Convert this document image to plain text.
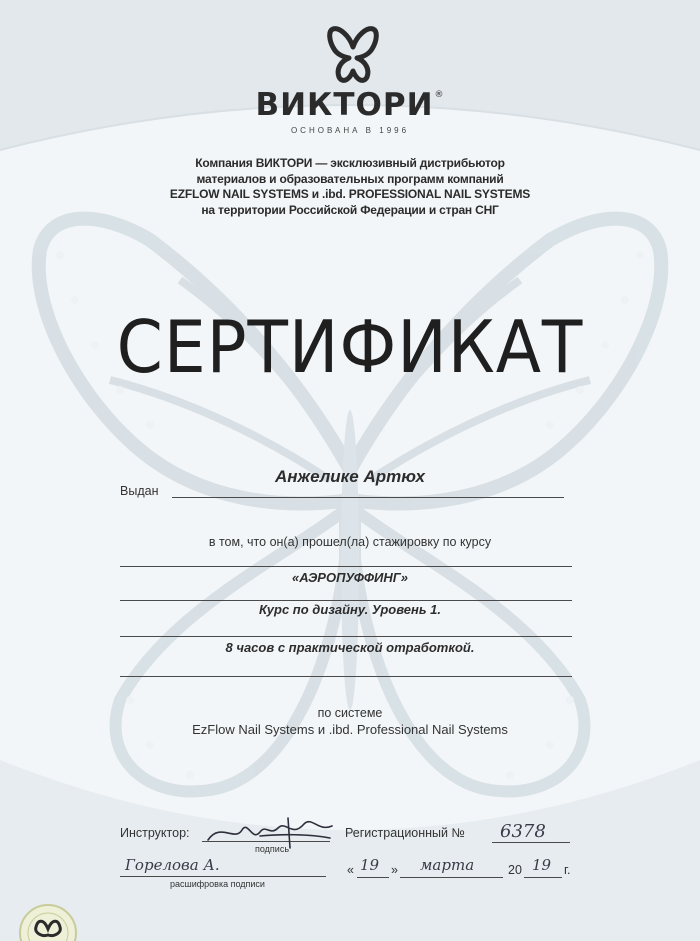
ВИКТОРИ®
ОСНОВАНА В 1996
Компания ВИКТОРИ — эксклюзивный дистрибьютор
материалов и образовательных программ компаний
EZFLOW NAIL SYSTEMS и .ibd. PROFESSIONAL NAIL SYSTEMS
на территории Российской Федерации и стран СНГ
СЕРТИФИКАТ
Выдан
Анжелике Артюх
в том, что он(а) прошел(ла) стажировку по курсу
«АЭРОПУФФИНГ»
Курс по дизайну. Уровень 1.
8 часов с практической отработкой.
по системе
EzFlow Nail Systems и .ibd. Professional Nail Systems
Инструктор:
подпись
Горелова А.
расшифровка подписи
Регистрационный № 6378
« 19 » марта	20 19 г.
